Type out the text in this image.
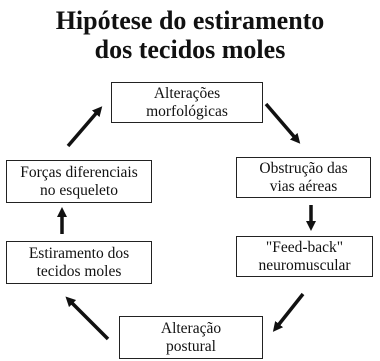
Hipótese do estiramento
dos tecidos moles
Alterações
morfológicas
Obstrução das
vias aéreas
"Feed-back"
neuromuscular
Alteração
postural
Estiramento dos
tecidos moles
Forças diferenciais
no esqueleto
